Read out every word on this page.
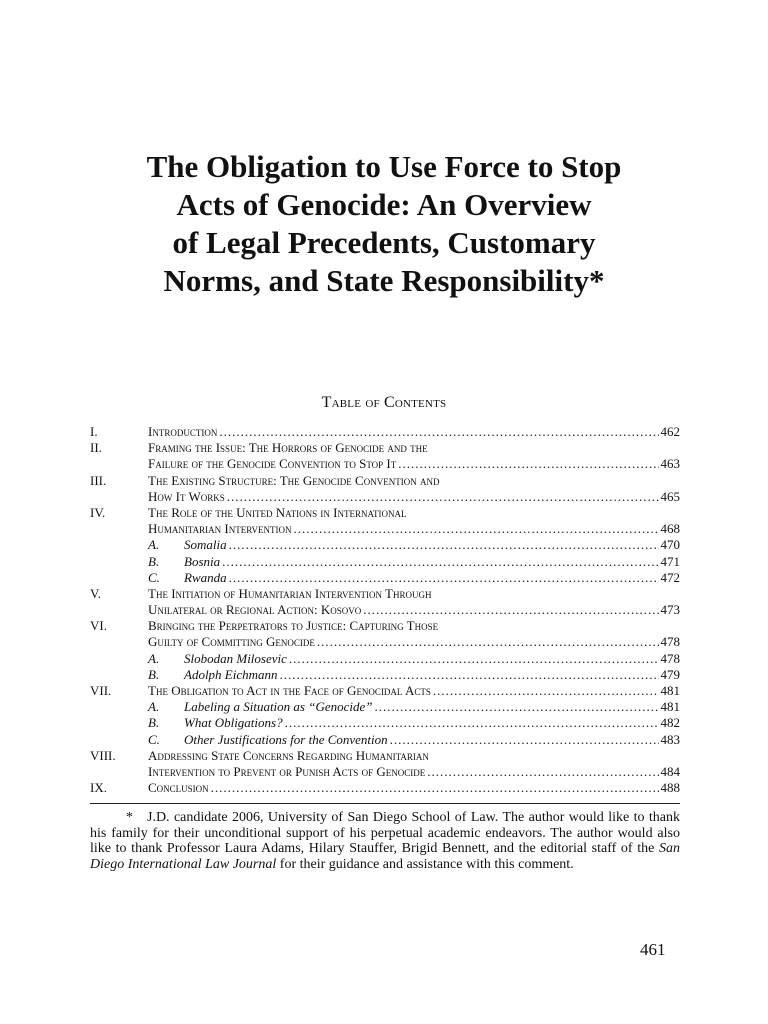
The Obligation to Use Force to Stop
Acts of Genocide: An Overview
of Legal Precedents, Customary
Norms, and State Responsibility*
Table of Contents
I.	Introduction .....	462
II.	Framing the Issue: The Horrors of Genocide and the
Failure of the Genocide Convention to Stop It .....	463
III.	The Existing Structure: The Genocide Convention and
How It Works .....	465
IV.	The Role of the United Nations in International
Humanitarian Intervention .....	468
A. Somalia .....	470
B. Bosnia .....	471
C. Rwanda .....	472
V.	The Initiation of Humanitarian Intervention Through
Unilateral or Regional Action: Kosovo .....	473
VI.	Bringing the Perpetrators to Justice: Capturing Those
Guilty of Committing Genocide .....	478
A. Slobodan Milosevic .....	478
B. Adolph Eichmann .....	479
VII.	The Obligation to Act in the Face of Genocidal Acts .....	481
A. Labeling a Situation as “Genocide” .....	481
B. What Obligations? .....	482
C. Other Justifications for the Convention .....	483
VIII. Addressing State Concerns Regarding Humanitarian
Intervention to Prevent or Punish Acts of Genocide .....	484
IX.	Conclusion .....	488
* J.D. candidate 2006, University of San Diego School of Law. The author would like to thank his family for their unconditional support of his perpetual academic endeavors. The author would also like to thank Professor Laura Adams, Hilary Stauffer, Brigid Bennett, and the editorial staff of the San Diego International Law Journal for their guidance and assistance with this comment.
461
